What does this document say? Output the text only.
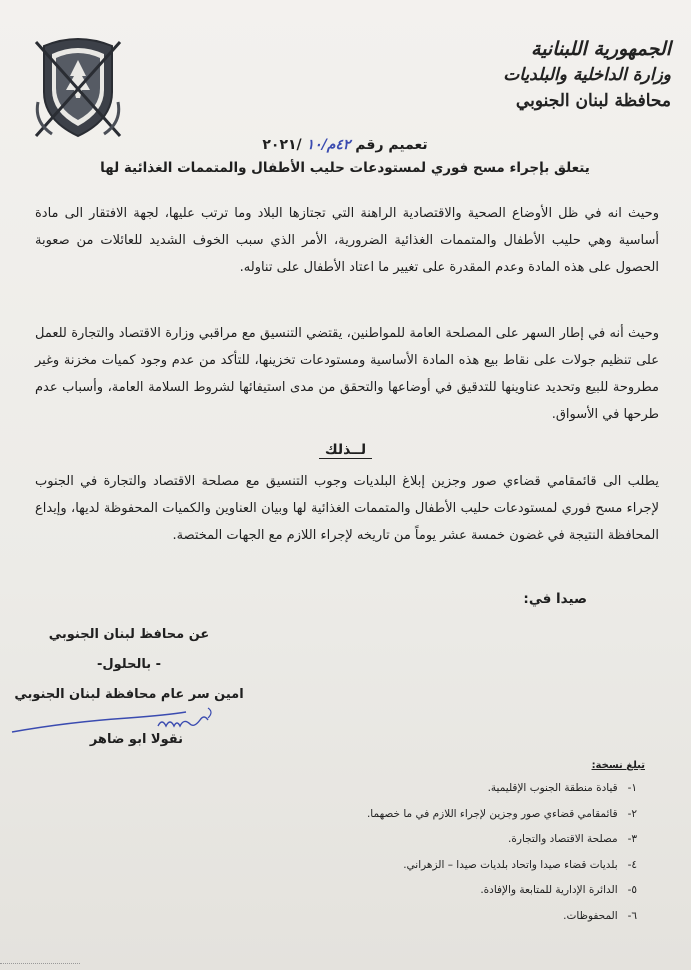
الجمهورية اللبنانية
وزارة الداخلية والبلديات
محافظة لبنان الجنوبي
تعميم رقم ٤٢م/١٠ /٢٠٢١
يتعلق بإجراء مسح فوري لمستودعات حليب الأطفال والمتممات الغذائية لها
وحيث انه في ظل الأوضاع الصحية والاقتصادية الراهنة التي تجتازها البلاد وما ترتب عليها، لجهة الافتقار الى مادة أساسية وهي حليب الأطفال والمتممات الغذائية الضرورية، الأمر الذي سبب الخوف الشديد للعائلات من صعوبة الحصول على هذه المادة وعدم المقدرة على تغيير ما اعتاد الأطفال على تناوله.
وحيث أنه في إطار السهر على المصلحة العامة للمواطنين، يقتضي التنسيق مع مراقبي وزارة الاقتصاد والتجارة للعمل على تنظيم جولات على نقاط بيع هذه المادة الأساسية ومستودعات تخزينها، للتأكد من عدم وجود كميات مخزنة وغير مطروحة للبيع وتحديد عناوينها للتدقيق في أوضاعها والتحقق من مدى استيفائها لشروط السلامة العامة، وأسباب عدم طرحها في الأسواق.
لــذلك
يطلب الى قائمقامي قضاءي صور وجزين إبلاغ البلديات وجوب التنسيق مع مصلحة الاقتصاد والتجارة في الجنوب لإجراء مسح فوري لمستودعات حليب الأطفال والمتممات الغذائية لها وبيان العناوين والكميات المحفوظة لديها، وإيداع المحافظة النتيجة في غضون خمسة عشر يوماً من تاريخه لإجراء اللازم مع الجهات المختصة.
صيدا في:
عن محافظ لبنان الجنوبي
- بالحلول-
امين سر عام محافظة لبنان الجنوبي
نقولا ابو ضاهر
تبلغ نسخة:
١- قيادة منطقة الجنوب الإقليمية.
٢- قائمقامي قضاءي صور وجزين لإجراء اللازم في ما خصهما.
٣- مصلحة الاقتصاد والتجارة.
٤- بلديات قضاء صيدا واتحاد بلديات صيدا – الزهراني.
٥- الدائرة الإدارية للمتابعة والإفادة.
٦- المحفوظات.
